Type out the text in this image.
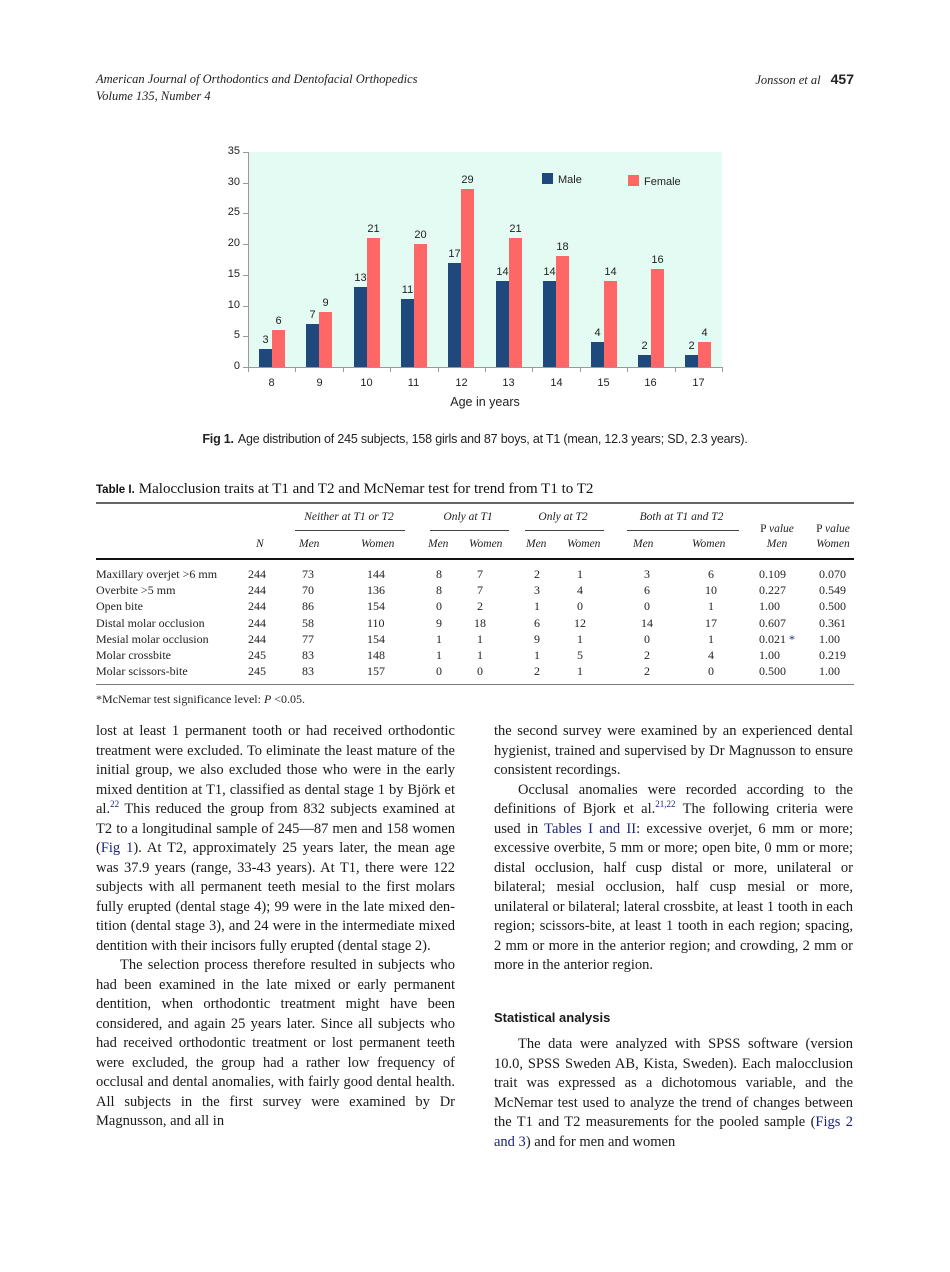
American Journal of Orthodontics and Dentofacial Orthopedics
Volume 135, Number 4
Jonsson et al 457
Age in years
Male	Female
0
5
10
15
20
25
30
35
8
3
6
9
7
9
10
13
21
11
11
20
12
17
29
13
14
21
14
14
18
15
4
14
16
2
16
17
2
4
Fig 1. Age distribution of 245 subjects, 158 girls and 87 boys, at T1 (mean, 12.3 years; SD, 2.3 years).
Table I. Malocclusion traits at T1 and T2 and McNemar test for trend from T1 to T2
Neither at T1 or T2	Only at T1	Only at T2	Both at T1 and T2
N	Men	Women	Men Women Men Women	Men	Women
P value
Men
P value
Women
Maxillary overjet >6 mm	244	73	144	8	7	2	1	3	6	0.109	0.070
Overbite >5 mm	244	70	136	8	7	3	4	6	10	0.227	0.549
Open bite	244	86	154	0	2	1	0	0	1	1.00	0.500
Distal molar occlusion	244	58	110	9	18	6	12	14	17	0.607	0.361
Mesial molar occlusion	244	77	154	1	1	9	1	0	1	0.021 * 1.00
Molar crossbite	245	83	148	1	1	1	5	2	4	1.00	0.219
Molar scissors-bite	245	83	157	0	0	2	1	2	0	0.500	1.00
*McNemar test significance level: P <0.05.

lost at least 1 permanent tooth or had received orthodontic treatment were excluded. To eliminate the least mature of the initial group, we also excluded those who were in the early mixed dentition at T1, classified as dental stage 1 by Björk et al.$^{22}$ This reduced the group from 832 subjects examined at T2 to a longitudinal sample of 245—87 men and 158 women (Fig 1). At T2, approximately 25 years later, the mean age was 37.9 years (range, 33-43 years). At T1, there were 122 subjects with all permanent teeth mesial to the first molars fully erupted (dental stage 4); 99 were in the late mixed dentition (dental stage 3), and 24 were in the intermediate mixed dentition with their incisors fully erupted (dental stage 2).

The selection process therefore resulted in subjects who had been examined in the late mixed or early permanent dentition, when orthodontic treatment might have been considered, and again 25 years later. Since all subjects who had received orthodontic treatment or lost permanent teeth were excluded, the group had a rather low frequency of occlusal and dental anomalies, with fairly good dental health. All subjects in the first survey were examined by Dr Magnusson, and all in

the second survey were examined by an experienced dental hygienist, trained and supervised by Dr Magnusson to ensure consistent recordings.

Occlusal anomalies were recorded according to the definitions of Bjork et al.$^{21,22}$ The following criteria were used in Tables I and II: excessive overjet, 6 mm or more; excessive overbite, 5 mm or more; open bite, 0 mm or more; distal occlusion, half cusp distal or more, unilateral or bilateral; mesial occlusion, half cusp mesial or more, unilateral or bilateral; lateral crossbite, at least 1 tooth in each region; scissors-bite, at least 1 tooth in each region; spacing, 2 mm or more in the anterior region; and crowding, 2 mm or more in the anterior region.

Statistical analysis

The data were analyzed with SPSS software (version 10.0, SPSS Sweden AB, Kista, Sweden). Each malocclusion trait was expressed as a dichotomous variable, and the McNemar test used to analyze the trend of changes between the T1 and T2 measurements for the pooled sample (Figs 2 and 3) and for men and women
